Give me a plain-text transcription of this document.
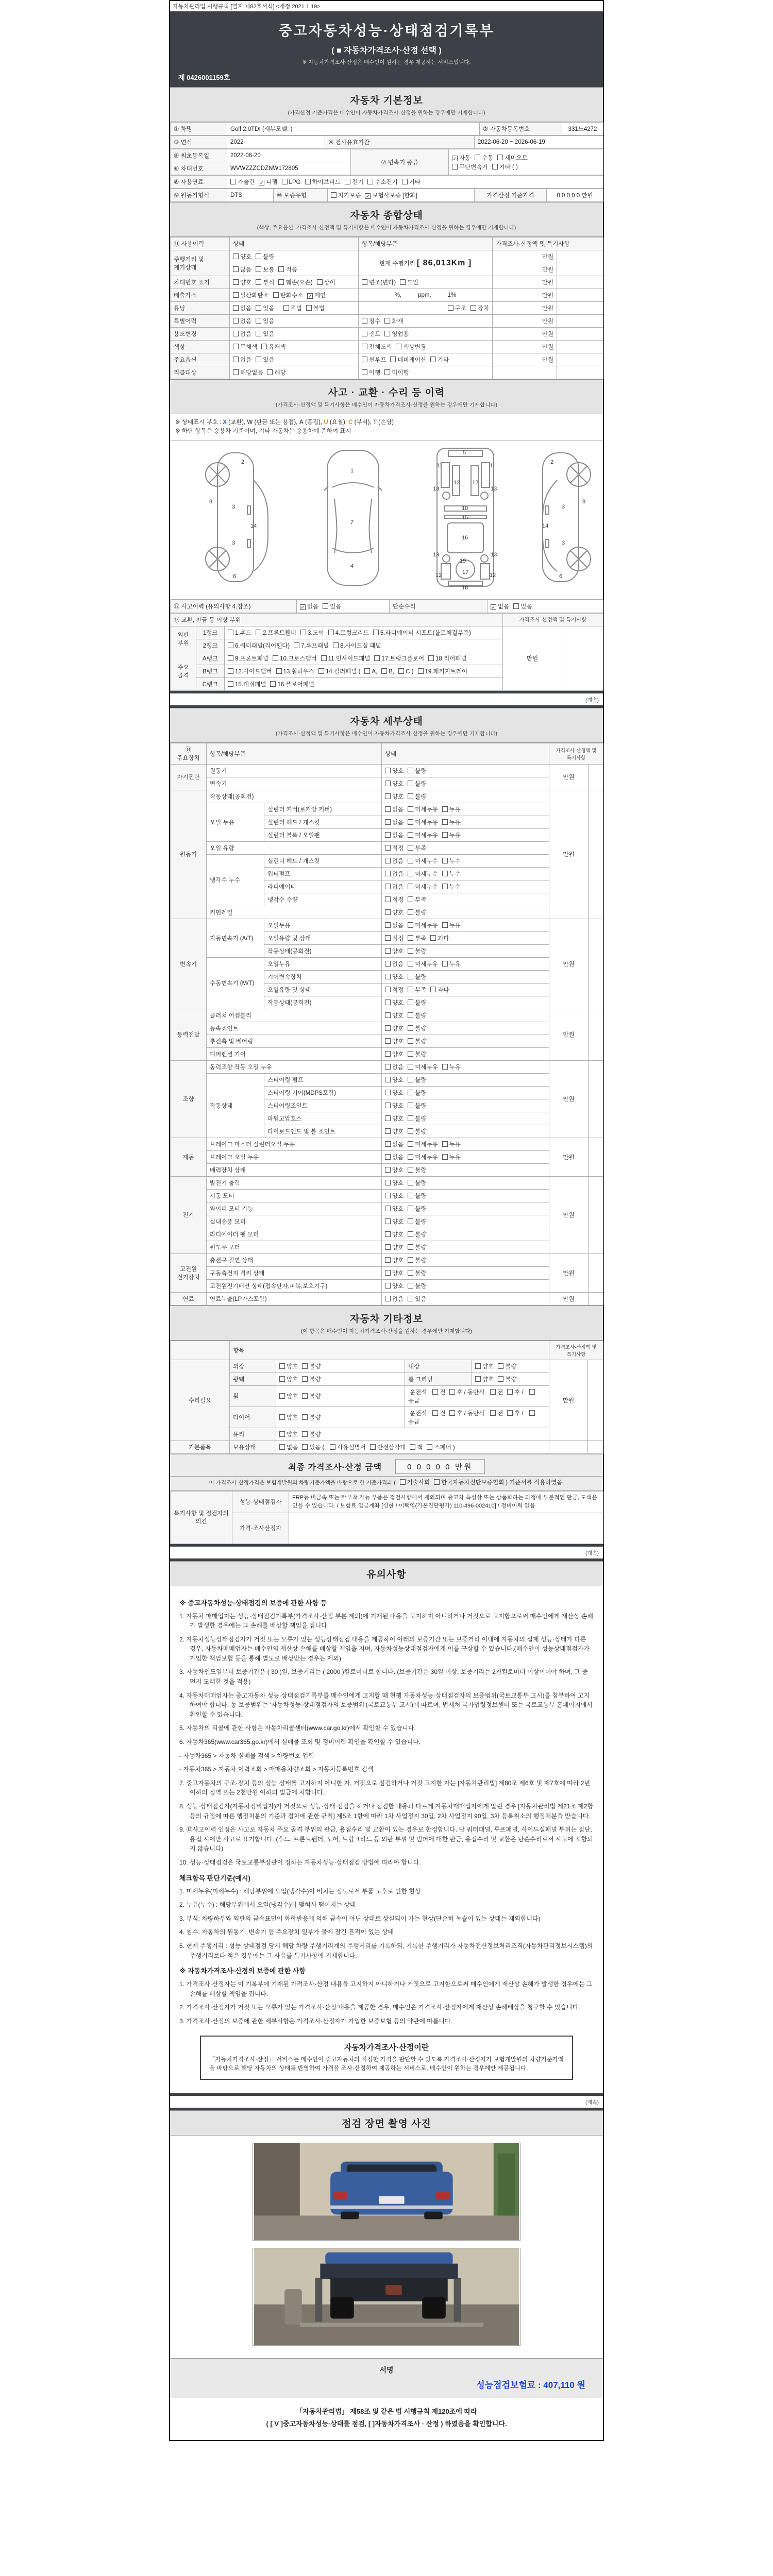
자동차관리법 시행규칙 [별지 제82호서식] <개정 2021.1.19>
중고자동차성능·상태점검기록부
( ■ 자동차가격조사·산정 선택 )
※ 자동차가격조사·산정은 매수인이 원하는 경우 제공하는 서비스입니다.
제 0426001159호
자동차 기본정보
(가격산정 기준가격은 매수인이 자동차가격조사·산정을 원하는 경우에만 기재합니다)
① 차명	Golf 2.0TDI (세부모델: )	② 자동차등록번호	331노4272
③ 연식	2022	④ 검사유효기간	2022-06-20 ~ 2026-06-19
⑤ 최초등록일	2022-06-20	⑦ 변속기 종류	✓ 자동 수동 세미오토
무단변속기 기타 ( )

⑥ 차대번호	WVWZZZCDZNW172805		
⑧ 사용연료	가솔린 ✓ 디젤 LPG 하이브리드 전기 수소전기 기타
⑨ 원동기형식	DTS	⑩ 보증유형	자가보증 ✓ 보험사보증 [한화]	가격산정 기준가격	0 0 0 0 0 만원
자동차 종합상태
(색상, 주요옵션, 가격조사·산정액 및 특기사항은 매수인이 자동차가격조사·산정을 원하는 경우에만 기재합니다)
⑪ 사용이력	상태	항목/해당부품	가격조사·산정액 및 특기사항	
주행거리 및 계기상태	양호 불량	현재 주행거리 [ 86,013Km ]	만원	
	많음 보통 적음		만원	
차대번호 표기	양호 부식 훼손(오손) 상이	변조(변타) 도말	만원	
배출가스	일산화탄소 탄화수소 ✓ 매연	%,          ppm,          1%	만원	
튜닝	없음 있음 적법 불법	구조 장치	만원	
특별이력	없음 있음	침수 화재	만원	
용도변경	없음 있음	렌트 영업용	만원	
색상	무채색 유채색	전체도색 색상변경	만원	
주요옵션	없음 있음	썬루프 네비게이션 기타	만원	
리콜대상	해당없음 해당	이행 미이행		
사고 · 교환 · 수리 등 이력
(가격조사·산정액 및 특기사항은 매수인이 자동차가격조사·산정을 원하는 경우에만 기재합니다)
※ 상태표시 부호 : X (교환), W (판금 또는 용접), A (흠집), U (요철), C (부식), T (손상)
※ 하단 항목은 승용차 기준이며, 기타 자동차는 승용차에 준하여 표시
2
8
3
14
3
6
1
7
4
5
11	11
12 12
13	13
10
15
16
13	13
19
17
12	12
18
2
8
3
14
3
6
⑫ 사고이력 (유의사항 4.참조)	✓ 없음 있음	단순수리	✓ 없음 있음
⑬ 교환, 판금 등 이상 부위			가격조사·산정액 및 특기사항	
외판 부위	1랭크	1.후드 2.프론트휀더 3.도어 4.트렁크리드 5.라디에이터 서포트(볼트체결부품)	만원	
	2랭크	6.쿼터패널(리어휀다) 7.루프패널 8.사이드실 패널		
주요 골격	A랭크	9.프론트패널 10.크로스멤버 11.인사이드패널 17.트렁크플로어 18.리어패널		
	B랭크	12.사이드멤버 13.휠하우스 14.필러패널 ( A, B, C ) 19.패키지트레이		
	C랭크	15.대쉬패널 16.플로어패널		
(계속)
자동차 세부상태
(가격조사·산정액 및 특기사항은 매수인이 자동차가격조사·산정을 원하는 경우에만 기재합니다)
⑭ 주요장치	항목/해당부품		상태	가격조사·산정액 및 특기사항	
자기진단	원동기		양호 불량	만원	
	변속기		양호 불량		
원동기	작동상태(공회전)		양호 불량	만원	
	오일 누유	실린더 커버(로커암 커버)	없음 미세누유 누유		
		실린더 헤드 / 개스킷	없음 미세누유 누유		
		실린더 블록 / 오일팬	없음 미세누유 누유		
	오일 유량		적정 부족		
	냉각수 누수	실린더 헤드 / 개스킷	없음 미세누수 누수		
		워터펌프	없음 미세누수 누수		
		라디에이터	없음 미세누수 누수		
		냉각수 수량	적정 부족		
	커먼레일		양호 불량		
변속기	자동변속기 (A/T)	오일누유	없음 미세누유 누유	만원	
		오일유량 및 상태	적정 부족 과다		
		작동상태(공회전)	양호 불량		
	수동변속기 (M/T)	오일누유	없음 미세누유 누유		
		기어변속장치	양호 불량		
		오일유량 및 상태	적정 부족 과다		
		작동상태(공회전)	양호 불량		
동력전달	클러치 어셈블리		양호 불량	만원	
	등속죠인트		양호 불량		
	추진축 및 베어링		양호 불량		
	디퍼렌셜 기어		양호 불량		
조향	동력조향 작동 오일 누유		없음 미세누유 누유	만원	
	작동상태	스티어링 펌프	양호 불량		
		스티어링 기어(MDPS포함)	양호 불량		
		스티어링조인트	양호 불량		
		파워고압호스	양호 불량		
		타이로드엔드 및 볼 조인트	양호 불량		
제동	브레이크 마스터 실린더오일 누유		없음 미세누유 누유	만원	
	브레이크 오일 누유		없음 미세누유 누유		
	배력장치 상태		양호 불량		
전기	발전기 출력		양호 불량	만원	
	시동 모터		양호 불량		
	와이퍼 모터 기능		양호 불량		
	실내송풍 모터		양호 불량		
	라디에이터 팬 모터		양호 불량		
	윈도우 모터		양호 불량		
고전원 전기장치	충전구 절연 상태		양호 불량	만원	
	구동축전지 격리 상태		양호 불량		
	고전원전기배선 상태(접속단자,피복,보호기구)		양호 불량		
연료	연료누출(LP가스포함)		없음 있음	만원	
자동차 기타정보
(이 항목은 매수인이 자동차가격조사·산정을 원하는 경우에만 기재합니다)
	항목				가격조사·산정액 및 특기사항	
수리필요	외장	양호 불량	내장	양호 불량	만원	
	광택	양호 불량	룸 크리닝	양호 불량		
	휠	양호 불량	운전석 전 후 / 동반석 전 후 /응급			
	타이어	양호 불량	운전석 전 후 / 동반석 전 후 /응급			
	유리	양호 불량				
기본품목	보유상태	없음 있음 ( 사용설명서 안전삼각대 잭 스패너 )				
최종 가격조사·산정 금액	0 0 0 0 0 만원
이 가격조사·산정가격은 보험개발원의 차량기준가액을 바탕으로 한 기준가격과 ( 기술사회 한국자동차진단보증협회 ) 기준서를 적용하였음
특기사항 및 점검자의 의견	성능·상태점검자	FRP등 비금속 또는 탈부착 가능 부품은 점검사항에서 제외되며 중고차 특성상 또는 상품화하는 과정에 부분적인 판금, 도색은 있을 수 있습니다. / 보험료 입금계좌 [신한 / 이택영(가온진단평가) 110-496-002410] / 정비이력 없음
	가격·조사산정자	
(계속)
유의사항
※ 중고자동차성능·상태점검의 보증에 관한 사항 등
1. 자동차 매매업자는 성능·상태점검기록부(가격조사·산정 부분 제외)에 기재된 내용을 고지하지 아니하거나 거짓으로 고지함으로써 매수인에게 재산상 손해가 발생한 경우에는 그 손해를 배상할 책임을 집니다.
2. 자동차성능상태점검자가 거짓 또는 오류가 있는 성능상태점검 내용을 제공하여 아래의 보증기간 또는 보증거리 이내에 자동차의 실제 성능·상태가 다른 경우, 자동차매매업자는 매수인의 재산상 손해를 배상할 책임을 지며, 자동차성능상태점검자에게 이를 구상할 수 있습니다.(매수인이 성능상태점검자가 가입한 책임보험 등을 통해 별도로 배상받는 경우는 제외)
3. 자동차인도일부터 보증기간은 ( 30 )일, 보증거리는 ( 2000 )킬로미터로 합니다. (보증기간은 30일 이상, 보증거리는 2천킬로미터 이상이어야 하며, 그 중 먼저 도래한 것을 적용)
4. 자동차매매업자는 중고자동차 성능·상태점검기록부를 매수인에게 고지할 때 현행 자동차성능·상태점검자의 보증범위(국토교통부 고시)를 첨부하여 고지하여야 합니다. 동 보증범위는 '자동차성능·상태점검자의 보증범위'(국토교통부 고시)에 따르며, 법제처 국가법령정보센터 또는 국토교통부 홈페이지에서 확인할 수 있습니다.
5. 자동차의 리콜에 관한 사항은 자동차리콜센터(www.car.go.kr)에서 확인할 수 있습니다.
6. 자동차365(www.car365.go.kr)에서 실매물 조회 및 정비이력 확인을 확인할 수 있습니다.
- 자동차365 > 자동차 실매물 검색 > 차량번호 입력
- 자동차365 > 자동차 이력조회 > 매매용차량조회 > 자동차등록번호 검색
7. 중고자동차의 구조·장치 등의 성능·상태를 고지하지 아니한 자, 거짓으로 점검하거나 거짓 고지한 자는 [자동차관리법] 제80조 제6호 및 제7호에 따라 2년 이하의 징역 또는 2천만원 이하의 벌금에 처합니다.
8. 성능·상태점검자(자동차정비업자)가 거짓으로 성능·상태 점검을 하거나 점검한 내용과 다르게 자동차매매업자에게 알린 경우 [자동차관리법 제21조 제2항 등의 규정에 따른 행정처분의 기준과 절차에 관한 규칙] 제5조 1항에 따라 1차 사업정지 30일, 2차 사업정지 90일, 3차 등록취소의 행정처분을 받습니다.
9. ⑫사고이력 인정은 사고로 자동차 주요 골격 부위의 판금, 용접수리 및 교환이 있는 경우로 한정합니다. 단 쿼터패널, 루프패널, 사이드실패널 부위는 절단, 용접 시에만 사고로 표기합니다. (후드, 프론트펜더, 도어, 트렁크리드 등 외판 부위 및 범퍼에 대한 판금, 용접수리 및 교환은 단순수리로서 사고에 포함되지 않습니다)
10. 성능·상태점검은 국토교통부장관이 정하는 자동차성능·상태점검 방법에 따라야 합니다.
체크항목 판단기준(예시)
1. 미세누유(미세누수) : 해당부위에 오일(냉각수)이 비치는 정도로서 부품 노후로 인한 현상
2. 누유(누수) : 해당부위에서 오일(냉각수)이 맺혀서 떨어지는 상태
3. 부식: 차량하부와 외판의 금속표면이 화학반응에 의해 금속이 아닌 상태로 상실되어 가는 현상(단순히 녹슬어 있는 상태는 제외합니다)
4. 침수: 자동차의 원동기, 변속기 등 주요장치 일부가 물에 잠긴 흔적이 있는 상태
5. 현재 주행거리 : 성능·상태점검 당시 해당 차량 주행거리계의 주행거리를 기록하되, 기록한 주행거리가 자동차전산정보처리조직(자동차관리정보시스템)의 주행거리보다 적은 경우에는 그 사유를 특기사항에 기재합니다.
※ 자동차가격조사·산정의 보증에 관한 사항
1. 가격조사·산정자는 이 기록부에 기재된 가격조사·산정 내용을 고지하지 아니하거나 거짓으로 고지함으로써 매수인에게 재산상 손해가 발생한 경우에는 그 손해를 배상할 책임을 집니다.
2. 가격조사·산정자가 거짓 또는 오류가 있는 가격조사·산정 내용을 제공한 경우, 매수인은 가격조사·산정자에게 재산상 손해배상을 청구할 수 있습니다.
3. 가격조사·산정의 보증에 관한 세부사항은 가격조사·산정자가 가입한 보증보험 등의 약관에 따릅니다.
자동차가격조사·산정이란
「자동차가격조사·산정」 서비스는 매수인이 중고자동차의 적정한 가격을 판단할 수 있도록 가격조사·산정자가 보험개발원의 차량기준가액을 바탕으로 해당 자동차의 상태를 반영하여 가격을 조사·산정하여 제공하는 서비스로, 매수인이 원하는 경우에만 제공됩니다.
(계속)
점검 장면 촬영 사진
서명
성능점검보험료 : 407,110 원
「자동차관리법」 제58조 및 같은 법 시행규칙 제120조에 따라
( [ V ]중고자동차성능·상태를 점검, [ ]자동차가격조사 · 산정 ) 하였음을 확인합니다.
